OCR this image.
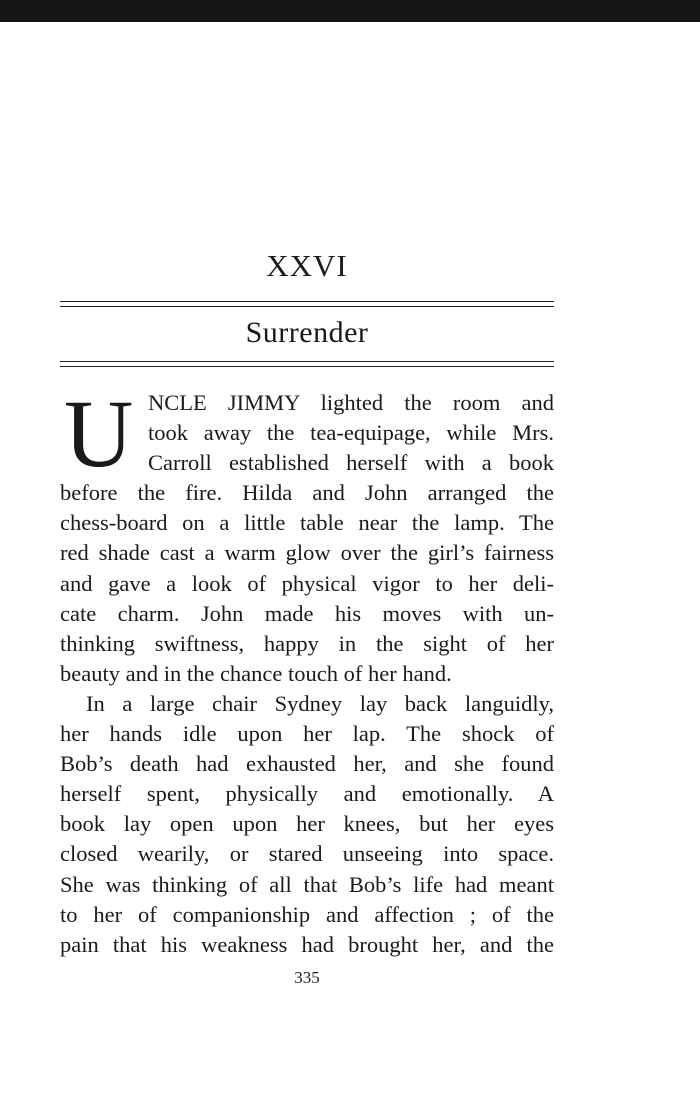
XXVI
Surrender
U NCLE JIMMY lighted the room and
took away the tea-equipage, while Mrs.
Carroll established herself with a book
before the fire. Hilda and John arranged the
chess-board on a little table near the lamp. The
red shade cast a warm glow over the girl’s fairness
and gave a look of physical vigor to her deli-
cate charm. John made his moves with un-
thinking swiftness, happy in the sight of her
beauty and in the chance touch of her hand.
In a large chair Sydney lay back languidly,
her hands idle upon her lap. The shock of
Bob’s death had exhausted her, and she found
herself spent, physically and emotionally. A
book lay open upon her knees, but her eyes
closed wearily, or stared unseeing into space.
She was thinking of all that Bob’s life had meant
to her of companionship and affection ; of the
pain that his weakness had brought her, and the
335
